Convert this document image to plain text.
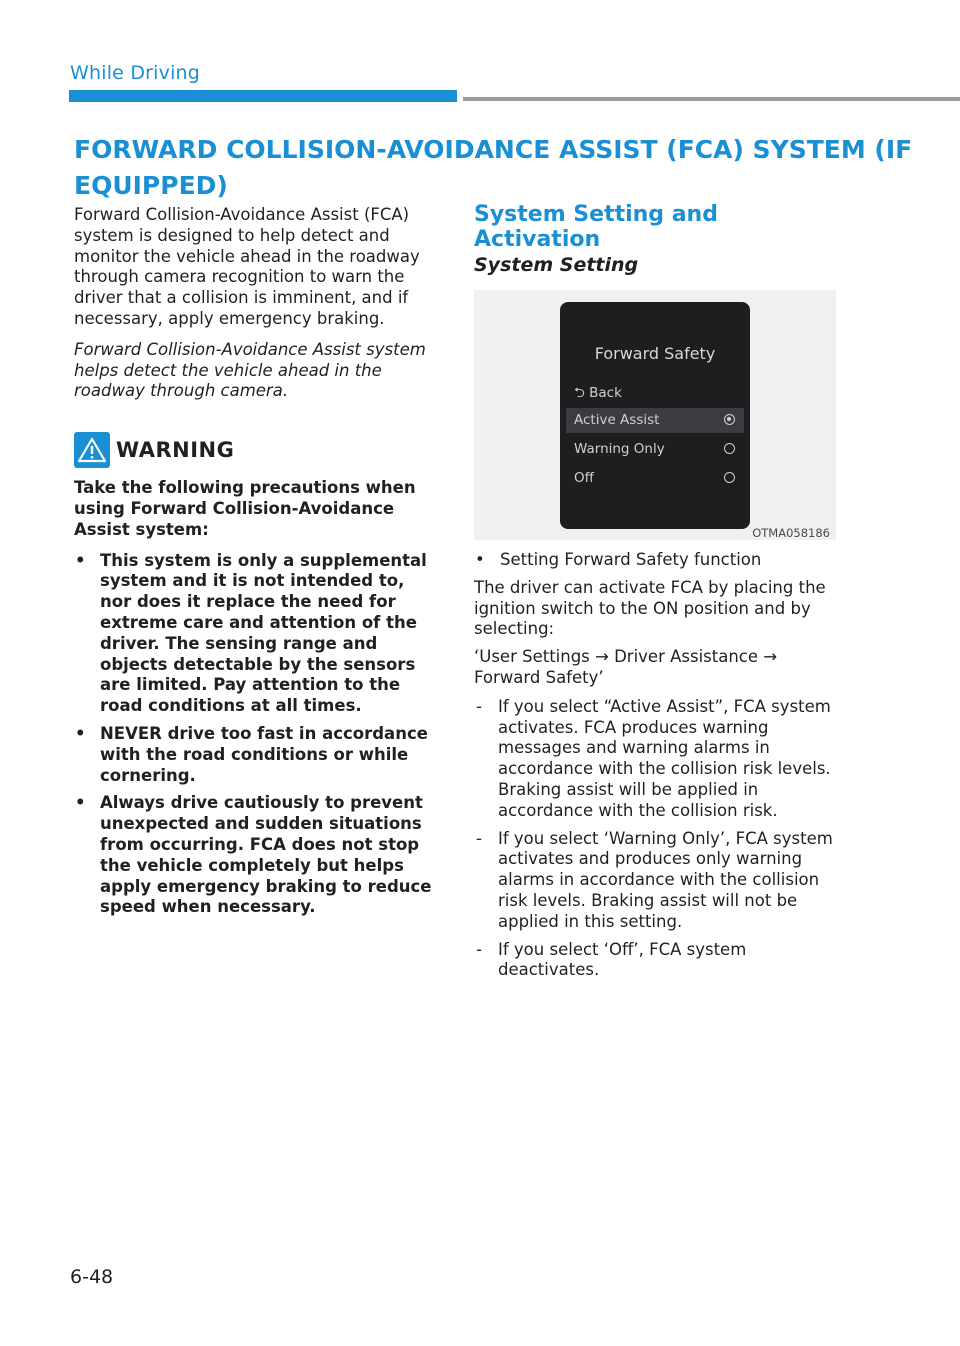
While Driving
FORWARD COLLISION-AVOIDANCE ASSIST (FCA) SYSTEM (IF EQUIPPED)

Forward Collision-Avoidance Assist (FCA) system is designed to help detect and monitor the vehicle ahead in the roadway through camera recognition to warn the driver that a collision is imminent, and if necessary, apply emergency braking.

Forward Collision-Avoidance Assist system helps detect the vehicle ahead in the roadway through camera.

WARNING

Take the following precautions when using Forward Collision-Avoidance Assist system:

• This system is only a supplemental system and it is not intended to, nor does it replace the need for extreme care and attention of the driver. The sensing range and objects detectable by the sensors are limited. Pay attention to the road conditions at all times.
• NEVER drive too fast in accordance with the road conditions or while cornering.
• Always drive cautiously to prevent unexpected and sudden situations from occurring. FCA does not stop the vehicle completely but helps apply emergency braking to reduce speed when necessary.
System Setting and Activation
System Setting
Forward Safety
⮌ Back
Active Assist
Warning Only
Off
OTMA058186
• Setting Forward Safety function

The driver can activate FCA by placing the ignition switch to the ON position and by selecting:

‘User Settings → Driver Assistance → Forward Safety’

- If you select “Active Assist”, FCA system activates. FCA produces warning messages and warning alarms in accordance with the collision risk levels. Braking assist will be applied in accordance with the collision risk.
- If you select ‘Warning Only’, FCA system activates and produces only warning alarms in accordance with the collision risk levels. Braking assist will not be applied in this setting.
- If you select ‘Off’, FCA system deactivates.
6-48
